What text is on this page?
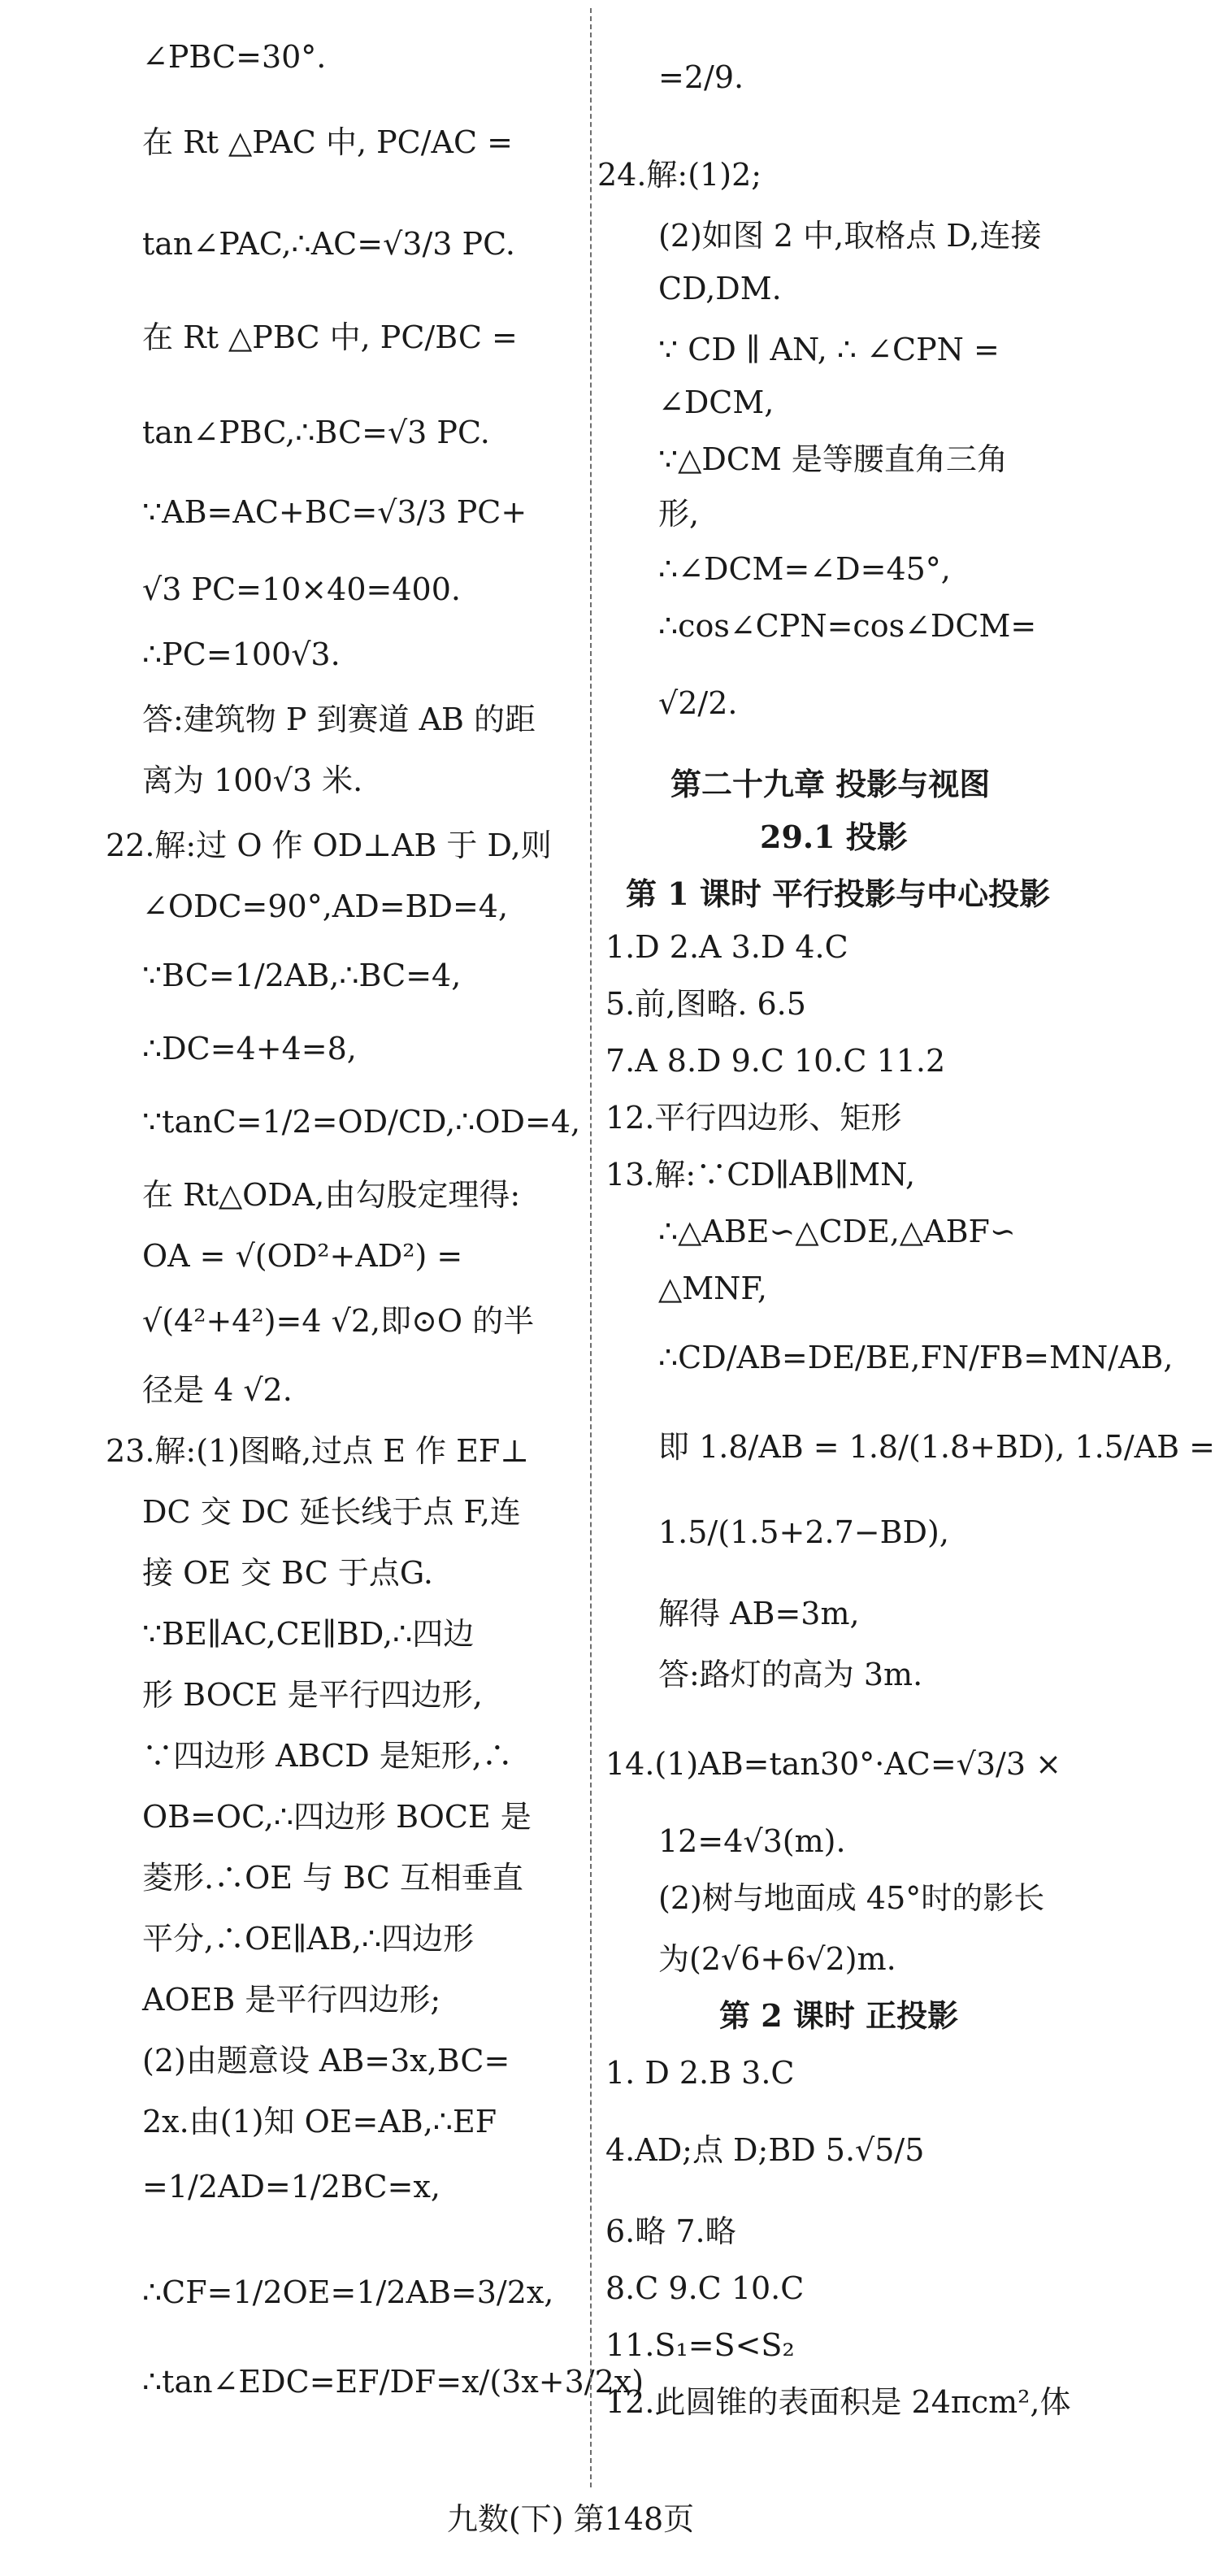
∠PBC=30°.
在 Rt △PAC 中, PC/AC =
tan∠PAC,∴AC=√3/3 PC.
在 Rt △PBC 中, PC/BC =
tan∠PBC,∴BC=√3 PC.
∵AB=AC+BC=√3/3 PC+
√3 PC=10×40=400.
∴PC=100√3.
答:建筑物 P 到赛道 AB 的距
离为 100√3 米.
22.解:过 O 作 OD⊥AB 于 D,则
∠ODC=90°,AD=BD=4,
∵BC=1/2AB,∴BC=4,
∴DC=4+4=8,
∵tanC=1/2=OD/CD,∴OD=4,
在 Rt△ODA,由勾股定理得:
OA = √(OD²+AD²) =
√(4²+4²)=4 √2,即⊙O 的半
径是 4 √2.
23.解:(1)图略,过点 E 作 EF⊥
DC 交 DC 延长线于点 F,连
接 OE 交 BC 于点G.
∵BE∥AC,CE∥BD,∴四边
形 BOCE 是平行四边形,
∵四边形 ABCD 是矩形,∴
OB=OC,∴四边形 BOCE 是
菱形.∴OE 与 BC 互相垂直
平分,∴OE∥AB,∴四边形
AOEB 是平行四边形;
(2)由题意设 AB=3x,BC=
2x.由(1)知 OE=AB,∴EF
=1/2AD=1/2BC=x,
∴CF=1/2OE=1/2AB=3/2x,
∴tan∠EDC=EF/DF=x/(3x+3/2x)
=2/9.
24.解:(1)2;
(2)如图 2 中,取格点 D,连接
CD,DM.
∵ CD ∥ AN, ∴ ∠CPN =
∠DCM,
∵△DCM 是等腰直角三角
形,
∴∠DCM=∠D=45°,
∴cos∠CPN=cos∠DCM=
√2/2.
第二十九章 投影与视图
29.1 投影
第 1 课时 平行投影与中心投影
1.D 2.A 3.D 4.C
5.前,图略. 6.5
7.A 8.D 9.C 10.C 11.2
12.平行四边形、矩形
13.解:∵CD∥AB∥MN,
∴△ABE∽△CDE,△ABF∽
△MNF,
∴CD/AB=DE/BE,FN/FB=MN/AB,
即 1.8/AB = 1.8/(1.8+BD), 1.5/AB =
1.5/(1.5+2.7−BD),
解得 AB=3m,
答:路灯的高为 3m.
14.(1)AB=tan30°·AC=√3/3 ×
12=4√3(m).
(2)树与地面成 45°时的影长
为(2√6+6√2)m.
第 2 课时 正投影
1. D 2.B 3.C
4.AD;点 D;BD 5.√5/5
6.略 7.略
8.C 9.C 10.C
11.S₁=S<S₂
12.此圆锥的表面积是 24πcm²,体
九数(下) 第148页
